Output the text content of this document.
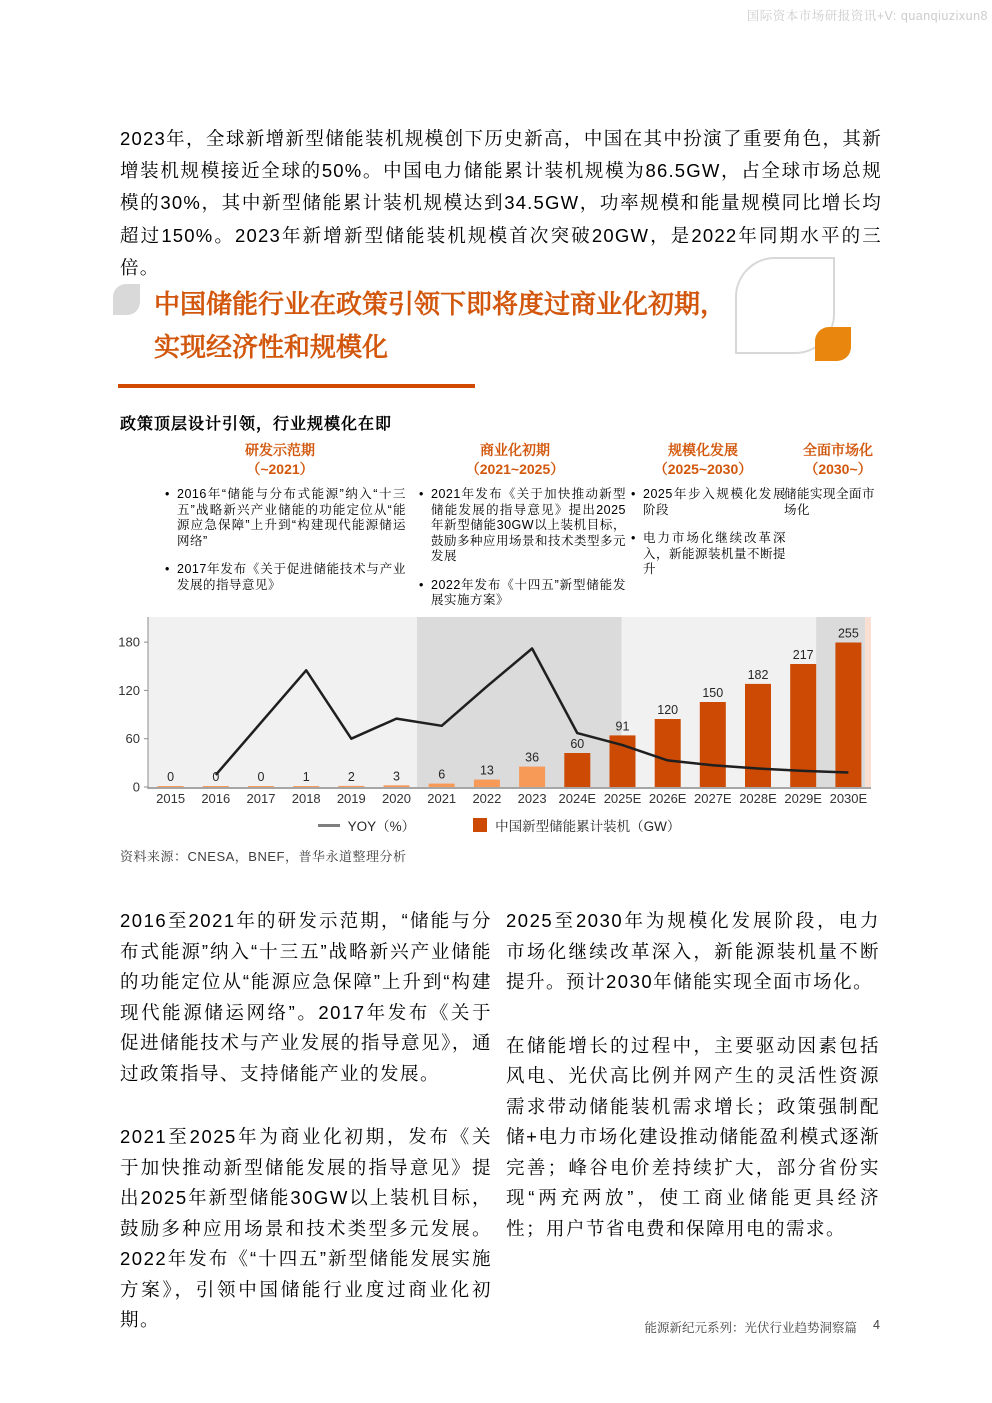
国际资本市场研报资讯+V: quanqiuzixun8
2023年，全球新增新型储能装机规模创下历史新高，中国在其中扮演了重要角色，其新增装机规模接近全球的50%。中国电力储能累计装机规模为86.5GW，占全球市场总规模的30%，其中新型储能累计装机规模达到34.5GW，功率规模和能量规模同比增长均超过150%。2023年新增新型储能装机规模首次突破20GW，是2022年同期水平的三倍。
中国储能行业在政策引领下即将度过商业化初期，
实现经济性和规模化
政策顶层设计引领，行业规模化在即
研发示范期
（~2021）
商业化初期
（2021~2025）
规模化发展
（2025~2030）
全面市场化
（2030~）
• 2016年“储能与分布式能源”纳入“十三五”战略新兴产业储能的功能定位从“能源应急保障”上升到“构建现代能源储运网络”
• 2017年发布《关于促进储能技术与产业发展的指导意见》
• 2021年发布《关于加快推动新型储能发展的指导意见》提出2025年新型储能30GW以上装机目标，鼓励多种应用场景和技术类型多元发展
• 2022年发布《十四五”新型储能发展实施方案》
• 2025年步入规模化发展阶段
• 电力市场化继续改革深入，新能源装机量不断提升
储能实现全面市场化
0
60
120
180
2015 2016 2017 2018 2019 2020 2021 2022 2023 2024E 2025E 2026E 2027E 2028E 2029E 2030E
0	0	0	1	2	3	6	13
36
60
91
120
150
182
217
255
YOY（%）	中国新型储能累计装机（GW）
资料来源：CNESA，BNEF，普华永道整理分析

2016至2021年的研发示范期，“储能与分布式能源”纳入“十三五”战略新兴产业储能的功能定位从“能源应急保障”上升到“构建现代能源储运网络”。2017年发布《关于促进储能技术与产业发展的指导意见》，通过政策指导、支持储能产业的发展。

2021至2025年为商业化初期，发布《关于加快推动新型储能发展的指导意见》提出2025年新型储能30GW以上装机目标，鼓励多种应用场景和技术类型多元发展。2022年发布《“十四五”新型储能发展实施方案》，引领中国储能行业度过商业化初期。

2025至2030年为规模化发展阶段，电力市场化继续改革深入，新能源装机量不断提升。预计2030年储能实现全面市场化。

在储能增长的过程中，主要驱动因素包括风电、光伏高比例并网产生的灵活性资源需求带动储能装机需求增长；政策强制配储+电力市场化建设推动储能盈利模式逐渐完善；峰谷电价差持续扩大，部分省份实现“两充两放”，使工商业储能更具经济性；用户节省电费和保障用电的需求。

能源新纪元系列：光伏行业趋势洞察篇 4
